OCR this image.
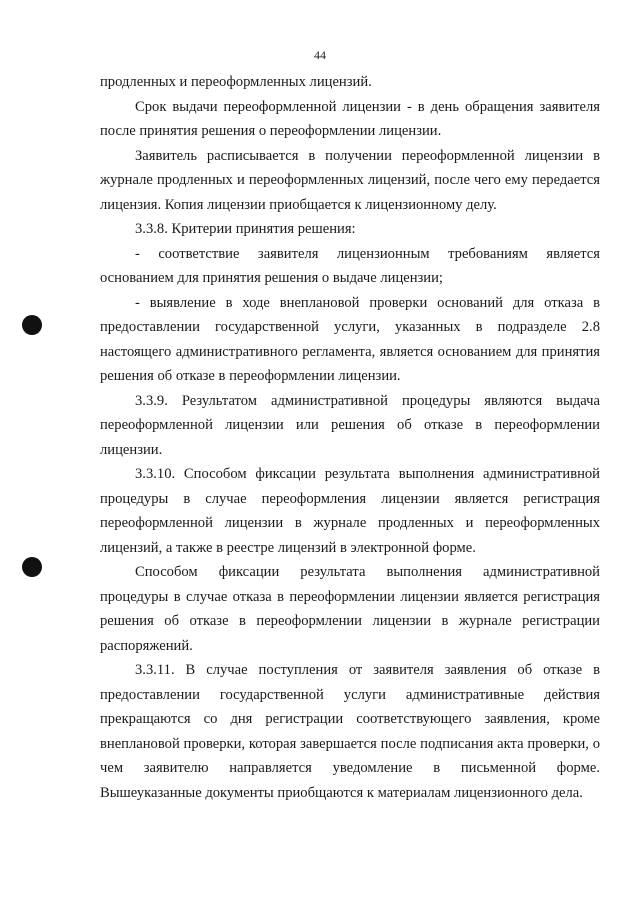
44

продленных и переоформленных лицензий.

Срок выдачи переоформленной лицензии - в день обращения заявителя после принятия решения о переоформлении лицензии.

Заявитель расписывается в получении переоформленной лицензии в журнале продленных и переоформленных лицензий, после чего ему передается лицензия. Копия лицензии приобщается к лицензионному делу.

3.3.8. Критерии принятия решения:

- соответствие заявителя лицензионным требованиям является основанием для принятия решения о выдаче лицензии;

- выявление в ходе внеплановой проверки оснований для отказа в предоставлении государственной услуги, указанных в подразделе 2.8 настоящего административного регламента, является основанием для принятия решения об отказе в переоформлении лицензии.

3.3.9. Результатом административной процедуры являются выдача переоформленной лицензии или решения об отказе в переоформлении лицензии.

3.3.10. Способом фиксации результата выполнения административной процедуры в случае переоформления лицензии является регистрация переоформленной лицензии в журнале продленных и переоформленных лицензий, а также в реестре лицензий в электронной форме.

Способом фиксации результата выполнения административной процедуры в случае отказа в переоформлении лицензии является регистрация решения об отказе в переоформлении лицензии в журнале регистрации распоряжений.

3.3.11. В случае поступления от заявителя заявления об отказе в предоставлении государственной услуги административные действия прекращаются со дня регистрации соответствующего заявления, кроме внеплановой проверки, которая завершается после подписания акта проверки, о чем заявителю направляется уведомление в письменной форме. Вышеуказанные документы приобщаются к материалам лицензионного дела.
